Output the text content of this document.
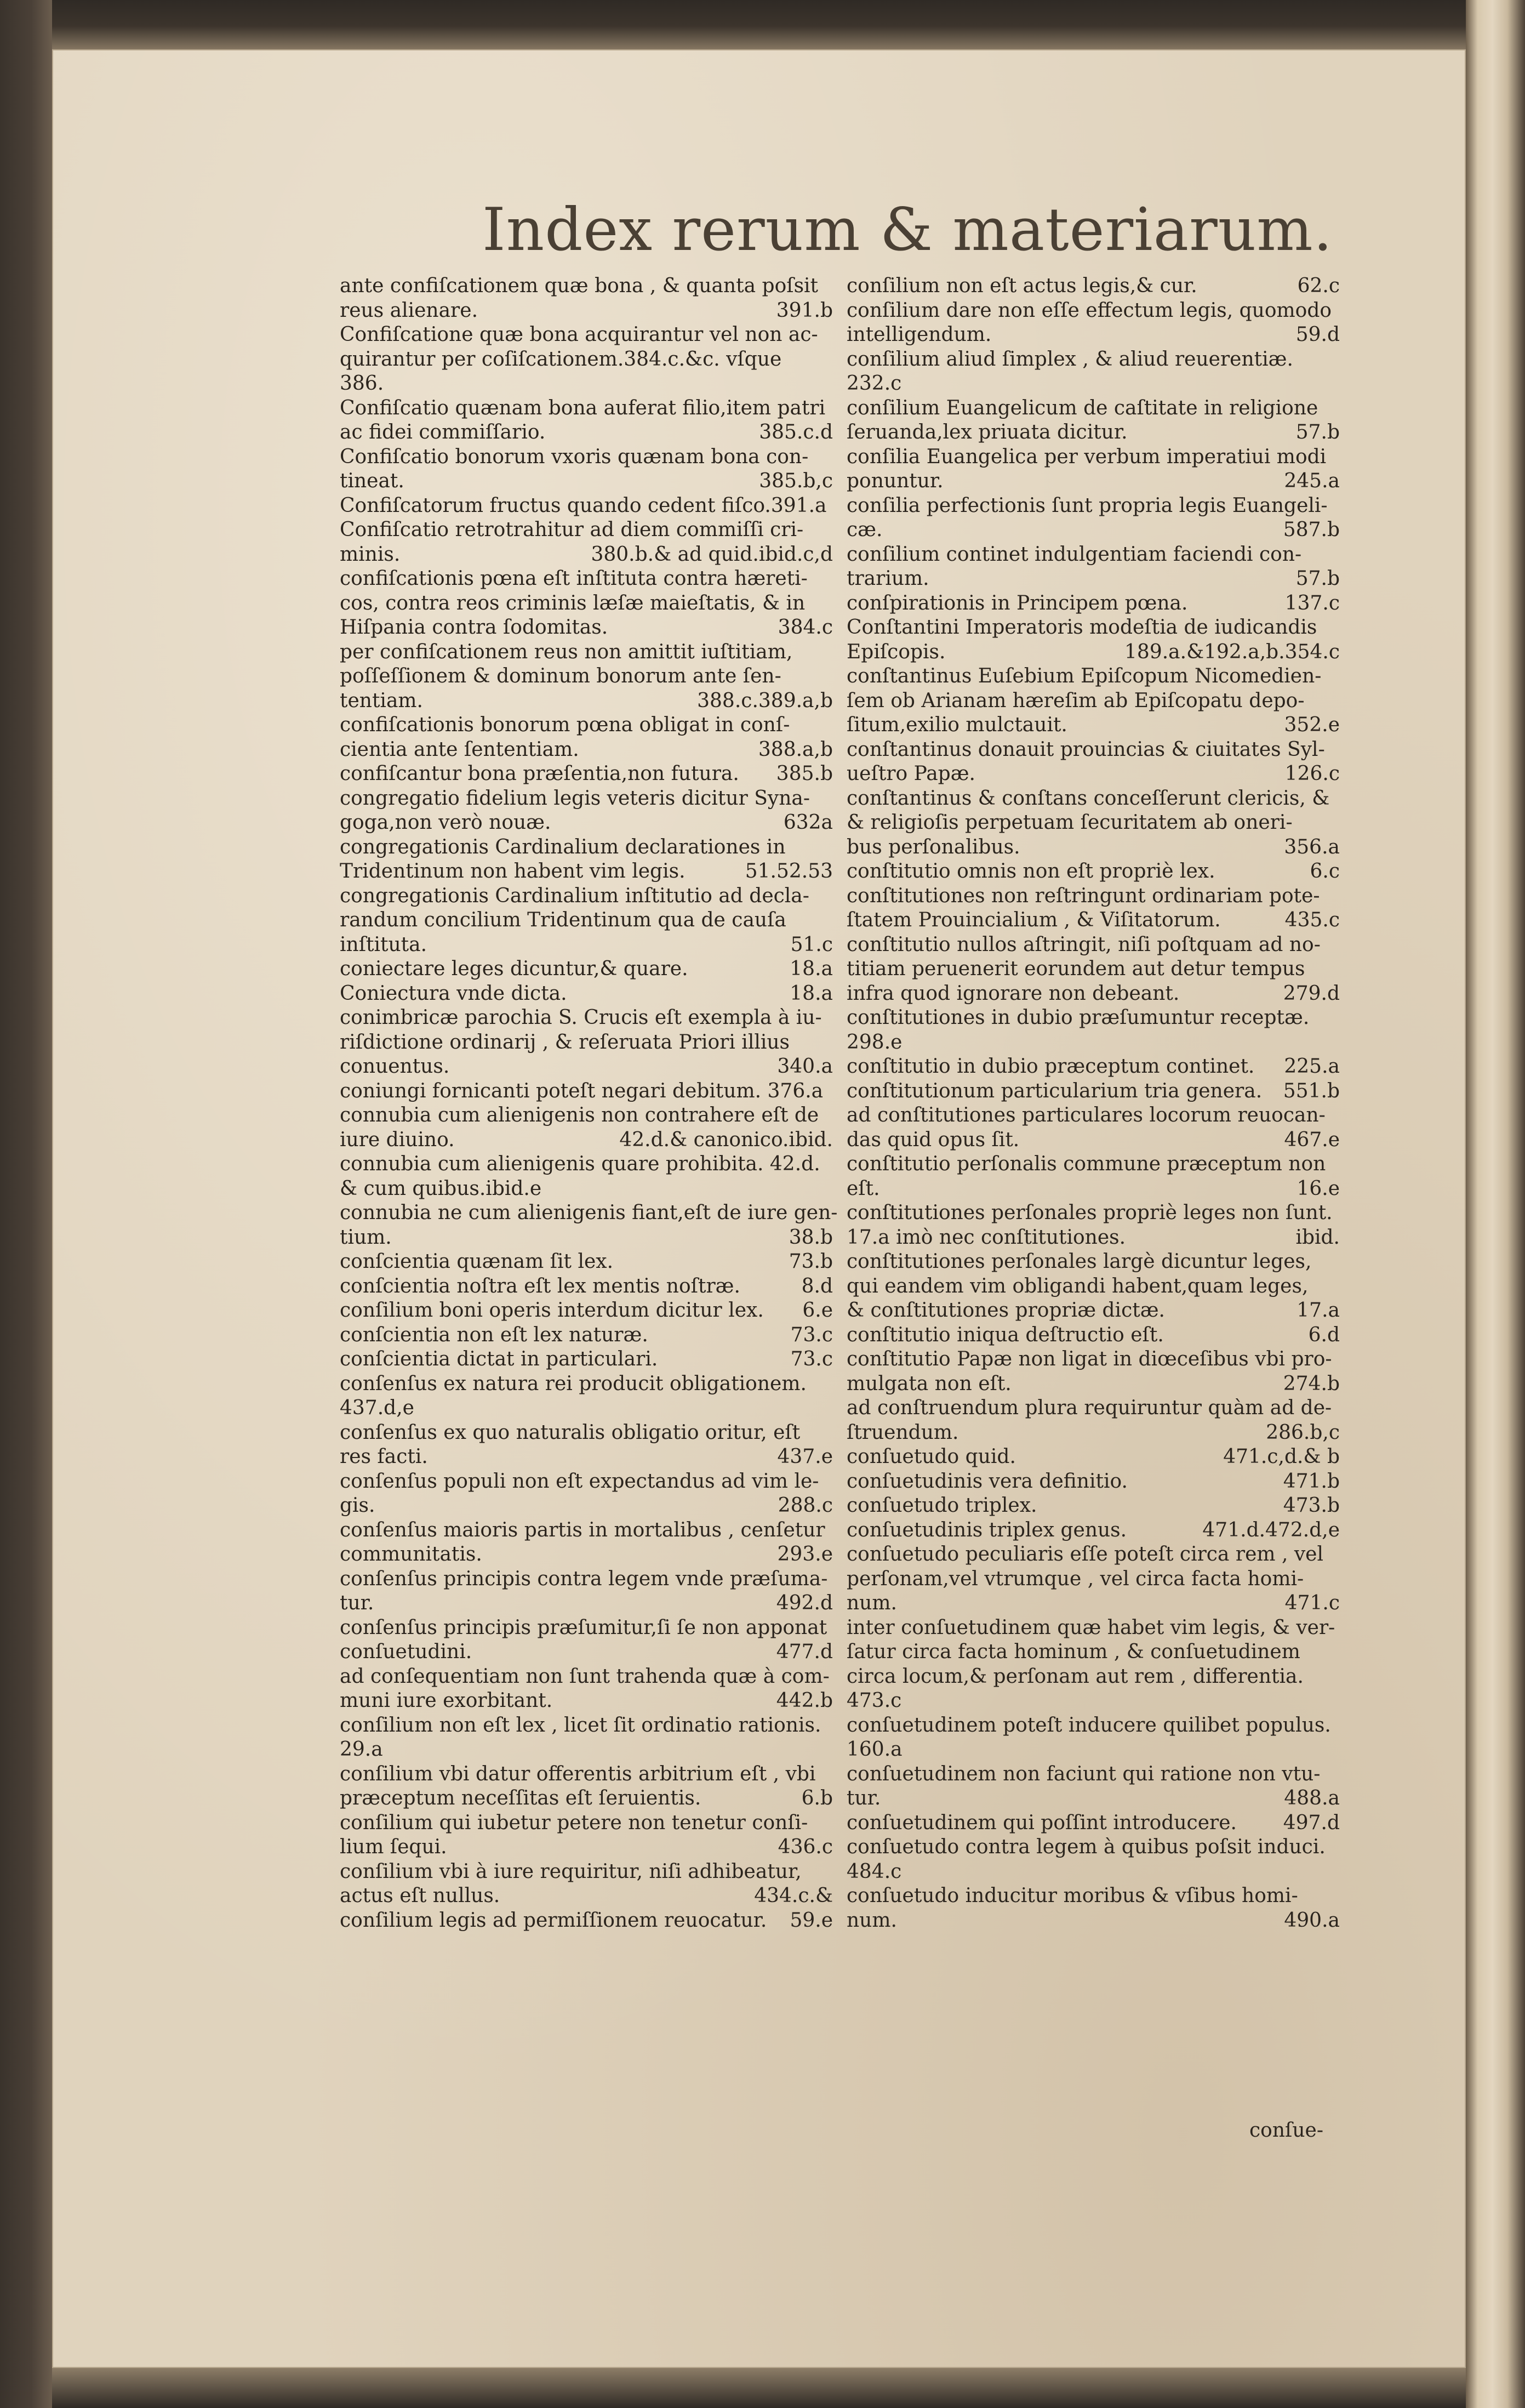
Index rerum & materiarum.
ante confiſcationem quæ bona , & quanta poſsit
reus alienare.	391.b
Confiſcatione quæ bona acquirantur vel non ac-
quirantur per coſiſcationem.384.c.&c. vſque
386.
Confiſcatio quænam bona auferat filio,item patri
ac fidei commiſſario.	385.c.d
Confiſcatio bonorum vxoris quænam bona con-
tineat.	385.b,c
Confiſcatorum fructus quando cedent fiſco.391.a
Confiſcatio retrotrahitur ad diem commiſſi cri-
minis.	380.b.& ad quid.ibid.c,d
confiſcationis pœna eſt inſtituta contra hæreti-
cos, contra reos criminis læſæ maieſtatis, & in
Hiſpania contra ſodomitas.	384.c
per confiſcationem reus non amittit iuſtitiam,
poſſeſſionem & dominum bonorum ante ſen-
tentiam.	388.c.389.a,b
confiſcationis bonorum pœna obligat in conſ-
cientia ante ſententiam.	388.a,b
confiſcantur bona præſentia,non futura.	385.b
congregatio fidelium legis veteris dicitur Syna-
goga,non verò nouæ.	632a
congregationis Cardinalium declarationes in
Tridentinum non habent vim legis.	51.52.53
congregationis Cardinalium inſtitutio ad decla-
randum concilium Tridentinum qua de cauſa
inſtituta.	51.c
coniectare leges dicuntur,& quare.	18.a
Coniectura vnde dicta.	18.a
conimbricæ parochia S. Crucis eſt exempla à iu-
riſdictione ordinarij , & reſeruata Priori illius
conuentus.	340.a
coniungi fornicanti poteſt negari debitum. 376.a
connubia cum alienigenis non contrahere eſt de
iure diuino.	42.d.& canonico.ibid.
connubia cum alienigenis quare prohibita. 42.d.
& cum quibus.ibid.e
connubia ne cum alienigenis fiant,eſt de iure gen-
tium.	38.b
conſcientia quænam ſit lex.	73.b
conſcientia noſtra eſt lex mentis noſtræ.	8.d
conſilium boni operis interdum dicitur lex.	6.e
conſcientia non eſt lex naturæ.	73.c
conſcientia dictat in particulari.	73.c
conſenſus ex natura rei producit obligationem.
437.d,e
conſenſus ex quo naturalis obligatio oritur, eſt
res facti.	437.e
conſenſus populi non eſt expectandus ad vim le-
gis.	288.c
conſenſus maioris partis in mortalibus , cenſetur
communitatis.	293.e
conſenſus principis contra legem vnde præſuma-
tur.	492.d
conſenſus principis præſumitur,ſi ſe non apponat
conſuetudini.	477.d
ad conſequentiam non ſunt trahenda quæ à com-
muni iure exorbitant.	442.b
conſilium non eſt lex , licet ſit ordinatio rationis.
29.a
conſilium vbi datur offerentis arbitrium eſt , vbi
præceptum neceſſitas eſt ſeruientis.	6.b
conſilium qui iubetur petere non tenetur conſi-
lium ſequi.	436.c
conſilium vbi à iure requiritur, niſi adhibeatur,
actus eſt nullus.	434.c.&
conſilium legis ad permiſſionem reuocatur.	59.e
conſilium non eſt actus legis,& cur.	62.c
conſilium dare non eſſe effectum legis, quomodo
intelligendum.	59.d
conſilium aliud ſimplex , & aliud reuerentiæ.
232.c
conſilium Euangelicum de caſtitate in religione
ſeruanda,lex priuata dicitur.	57.b
conſilia Euangelica per verbum imperatiui modi
ponuntur.	245.a
conſilia perfectionis ſunt propria legis Euangeli-
cæ.	587.b
conſilium continet indulgentiam faciendi con-
trarium.	57.b
conſpirationis in Principem pœna.	137.c
Conſtantini Imperatoris modeſtia de iudicandis
Epiſcopis.	189.a.&192.a,b.354.c
conſtantinus Euſebium Epiſcopum Nicomedien-
ſem ob Arianam hæreſim ab Epiſcopatu depo-
ſitum,exilio mulctauit.	352.e
conſtantinus donauit prouincias & ciuitates Syl-
ueſtro Papæ.	126.c
conſtantinus & conſtans conceſſerunt clericis, &
& religioſis perpetuam ſecuritatem ab oneri-
bus perſonalibus.	356.a
conſtitutio omnis non eſt propriè lex.	6.c
conſtitutiones non reſtringunt ordinariam pote-
ſtatem Prouincialium , & Viſitatorum.	435.c
conſtitutio nullos aſtringit, niſi poſtquam ad no-
titiam peruenerit eorundem aut detur tempus
infra quod ignorare non debeant.	279.d
conſtitutiones in dubio præſumuntur receptæ.
298.e
conſtitutio in dubio præceptum continet.	225.a
conſtitutionum particularium tria genera.	551.b
ad conſtitutiones particulares locorum reuocan-
das quid opus ſit.	467.e
conſtitutio perſonalis commune præceptum non
eſt.	16.e
conſtitutiones perſonales propriè leges non ſunt.
17.a imò nec conſtitutiones.	ibid.
conſtitutiones perſonales largè dicuntur leges,
qui eandem vim obligandi habent,quam leges,
& conſtitutiones propriæ dictæ.	17.a
conſtitutio iniqua deſtructio eſt.	6.d
conſtitutio Papæ non ligat in diœceſibus vbi pro-
mulgata non eſt.	274.b
ad conſtruendum plura requiruntur quàm ad de-
ſtruendum.	286.b,c
conſuetudo quid.	471.c,d.& b
conſuetudinis vera definitio.	471.b
conſuetudo triplex.	473.b
conſuetudinis triplex genus.	471.d.472.d,e
conſuetudo peculiaris eſſe poteſt circa rem , vel
perſonam,vel vtrumque , vel circa facta homi-
num.	471.c
inter conſuetudinem quæ habet vim legis, & ver-
ſatur circa facta hominum , & conſuetudinem
circa locum,& perſonam aut rem , differentia.
473.c
conſuetudinem poteſt inducere quilibet populus.
160.a
conſuetudinem non faciunt qui ratione non vtu-
tur.	488.a
conſuetudinem qui poſſint introducere.	497.d
conſuetudo contra legem à quibus poſsit induci.
484.c
conſuetudo inducitur moribus & vſibus homi-
num.	490.a
conſue-
